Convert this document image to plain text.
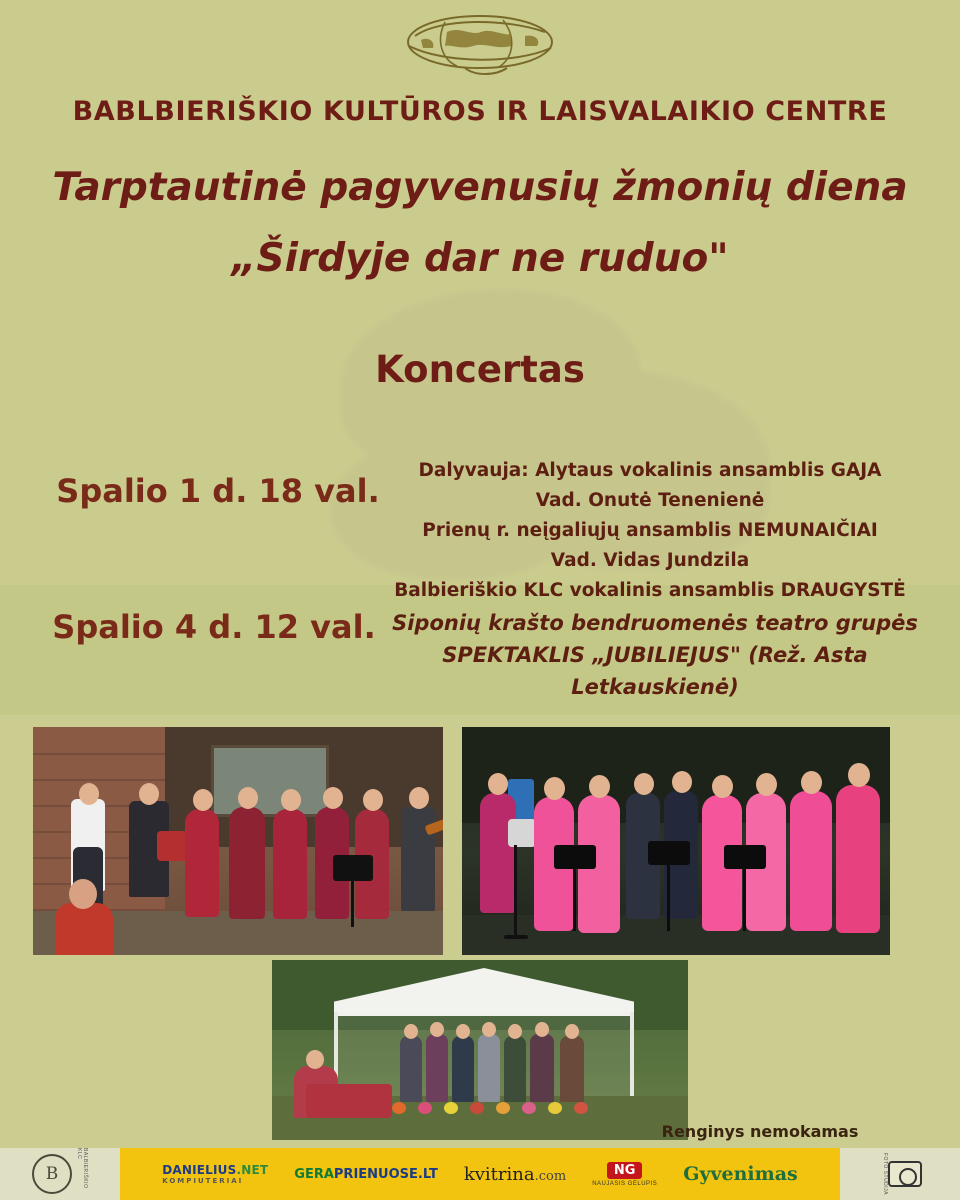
BABLBIERIŠKIO KULTŪROS IR LAISVALAIKIO CENTRE
Tarptautinė pagyvenusių žmonių diena
„Širdyje dar ne ruduo"
Koncertas
Spalio 1 d. 18 val.
Dalyvauja: Alytaus vokalinis ansamblis GAJA
Vad. Onutė Tenenienė
Prienų r. neįgaliųjų ansamblis NEMUNAIČIAI
Vad. Vidas Jundzila
Balbieriškio KLC vokalinis ansamblis DRAUGYSTĖ
Spalio 4 d. 12 val. Siponių krašto bendruomenės teatro grupės
SPEKTAKLIS „JUBILIEJUS" (Rež. Asta
Letkauskienė)
Renginys nemokamas
B	BALBIERIŠKIO KLC
DANIELIUS.NET
KOMPIUTERIAI	GERAPRIENUOSE.LT kvitrina.com	NG
NAUJASIS GĖLUPIS Gyvenimas	FOTO STUDIJA
